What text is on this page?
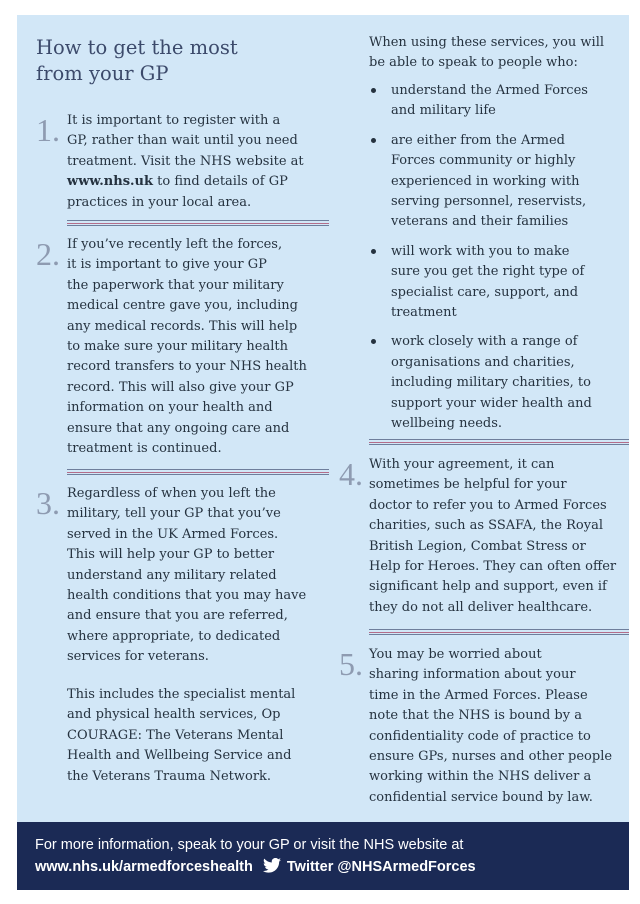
How to get the most
from your GP
1. It is important to register with a
GP, rather than wait until you need
treatment. Visit the NHS website at
www.nhs.uk to find details of GP
practices in your local area.
2. If you’ve recently left the forces,
it is important to give your GP
the paperwork that your military
medical centre gave you, including
any medical records. This will help
to make sure your military health
record transfers to your NHS health
record. This will also give your GP
information on your health and
ensure that any ongoing care and
treatment is continued.
3. Regardless of when you left the
military, tell your GP that you’ve
served in the UK Armed Forces.
This will help your GP to better
understand any military related
health conditions that you may have
and ensure that you are referred,
where appropriate, to dedicated
services for veterans.
This includes the specialist mental
and physical health services, Op
COURAGE: The Veterans Mental
Health and Wellbeing Service and
the Veterans Trauma Network.
When using these services, you will
be able to speak to people who:
understand the Armed Forces
and military life
are either from the Armed
Forces community or highly
experienced in working with
serving personnel, reservists,
veterans and their families
will work with you to make
sure you get the right type of
specialist care, support, and
treatment
work closely with a range of
organisations and charities,
including military charities, to
support your wider health and
wellbeing needs.
4. With your agreement, it can
sometimes be helpful for your
doctor to refer you to Armed Forces
charities, such as SSAFA, the Royal
British Legion, Combat Stress or
Help for Heroes. They can often offer
significant help and support, even if
they do not all deliver healthcare.
5. You may be worried about
sharing information about your
time in the Armed Forces. Please
note that the NHS is bound by a
confidentiality code of practice to
ensure GPs, nurses and other people
working within the NHS deliver a
confidential service bound by law.
For more information, speak to your GP or visit the NHS website at
www.nhs.uk/armedforceshealth Twitter @NHSArmedForces
